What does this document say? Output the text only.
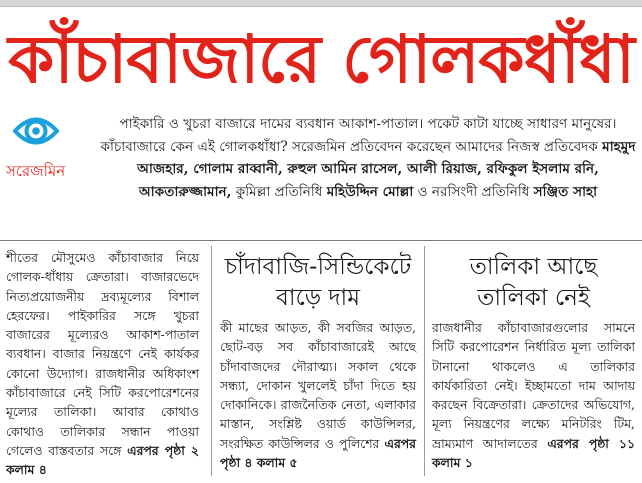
কাঁচাবাজারে গোলকধাঁধা
সরেজমিন
পাইকারি ও খুচরা বাজারে দামের ব্যবধান আকাশ-পাতাল। পকেট কাটা যাচ্ছে সাধারণ মানুষের। কাঁচাবাজারে কেন এই গোলকধাঁধা? সরেজমিন প্রতিবেদন করেছেন আমাদের নিজস্ব প্রতিবেদক মাহমুদ আজহার, গোলাম রাব্বানী, রুহুল আমিন রাসেল, আলী রিয়াজ, রফিকুল ইসলাম রনি, আকতারুজ্জামান, কুমিল্লা প্রতিনিধি মহিউদ্দিন মোল্লা ও নরসিংদী প্রতিনিধি সঞ্জিত সাহা
শীতের মৌসুমেও কাঁচাবাজার নিয়ে গোলক-ধাঁধায় ক্রেতারা। বাজারভেদে নিত্যপ্রয়োজনীয় দ্রব্যমূল্যের বিশাল হেরফের। পাইকারির সঙ্গে খুচরা বাজারের মূল্যেরও আকাশ-পাতাল ব্যবধান। বাজার নিয়ন্ত্রণে নেই কার্যকর কোনো উদ্যোগ। রাজধানীর অধিকাংশ কাঁচাবাজারে নেই সিটি করপোরেশনের মূল্যের তালিকা। আবার কোথাও কোথাও তালিকার সন্ধান পাওয়া গেলেও বাস্তবতার সঙ্গে এরপর পৃষ্ঠা ২ কলাম ৪
চাঁদাবাজি-সিন্ডিকেটে বাড়ে দাম
কী মাছের আড়ত, কী সবজির আড়ত, ছোট-বড় সব কাঁচাবাজারেই আছে চাঁদাবাজদের দৌরাত্ম্য। সকাল থেকে সন্ধ্যা, দোকান খুললেই চাঁদা দিতে হয় দোকানিকে। রাজনৈতিক নেতা, এলাকার মাস্তান, সংশ্লিষ্ট ওয়ার্ড কাউন্সিলর, সংরক্ষিত কাউন্সিলর ও পুলিশের এরপর পৃষ্ঠা ৪ কলাম ৫
তালিকা আছে তালিকা নেই
রাজধানীর কাঁচাবাজারগুলোর সামনে সিটি করপোরেশন নির্ধারিত মূল্য তালিকা টানানো থাকলেও এ তালিকার কার্যকারিতা নেই। ইচ্ছামতো দাম আদায় করছেন বিক্রেতারা। ক্রেতাদের অভিযোগ, মূল্য নিয়ন্ত্রণের লক্ষ্যে মনিটরিং টিম, ভ্রাম্যমাণ আদালতের এরপর পৃষ্ঠা ১১ কলাম ১
